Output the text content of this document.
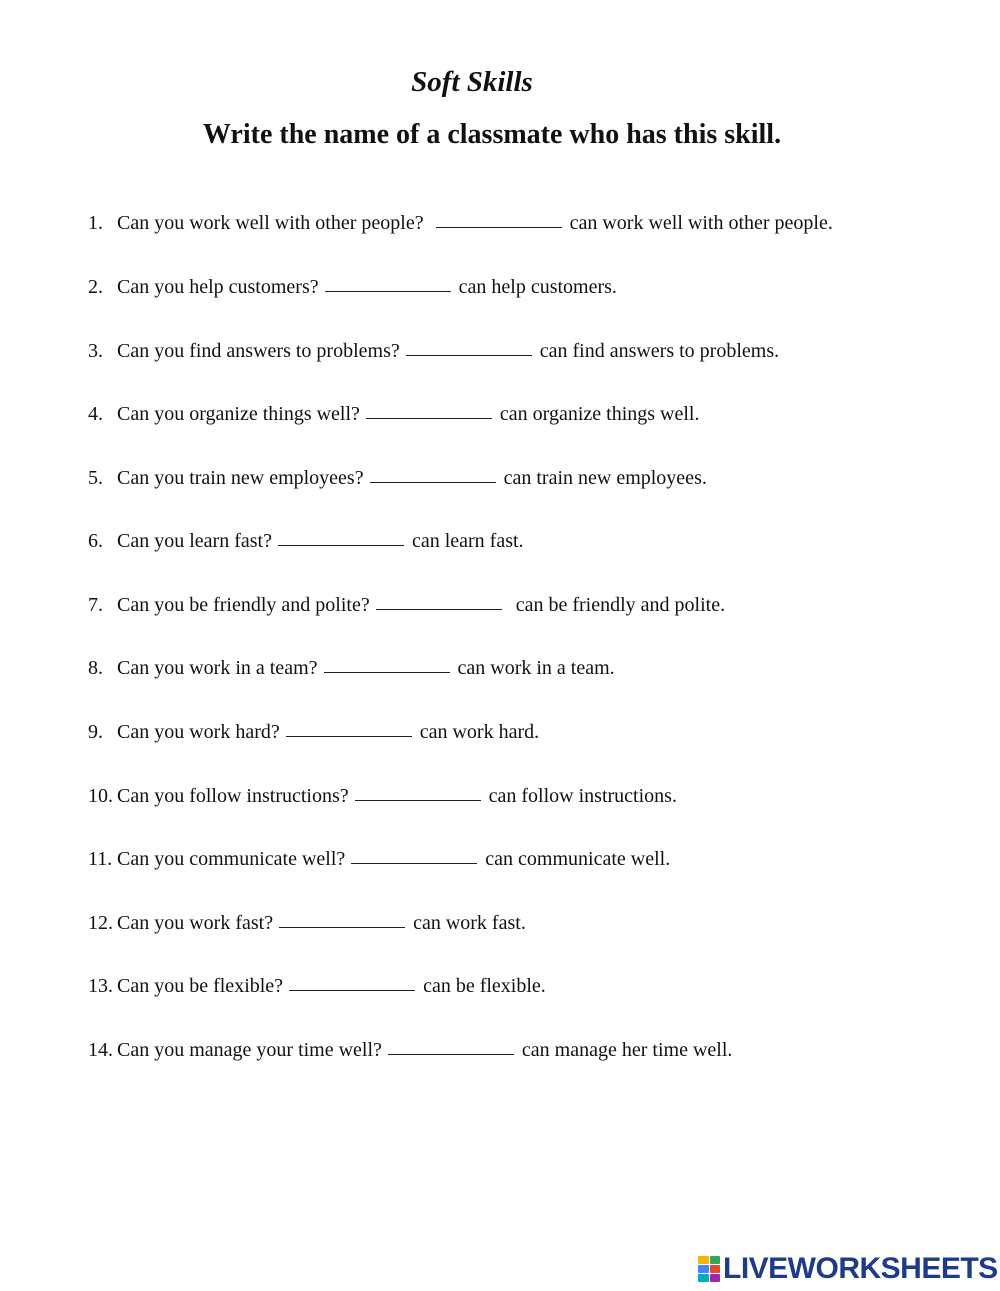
Soft Skills
Write the name of a classmate who has this skill.
1. Can you work well with other people?	can work well with other people.
2. Can you help customers?	can help customers.
3. Can you find answers to problems?	can find answers to problems.
4. Can you organize things well?	can organize things well.
5. Can you train new employees?	can train new employees.
6. Can you learn fast?	can learn fast.
7. Can you be friendly and polite?	can be friendly and polite.
8. Can you work in a team?	can work in a team.
9. Can you work hard?	can work hard.
10. Can you follow instructions?	can follow instructions.
11. Can you communicate well?	can communicate well.
12. Can you work fast?	can work fast.
13. Can you be flexible?	can be flexible.
14. Can you manage your time well?	can manage her time well.
LIVEWORKSHEETS
